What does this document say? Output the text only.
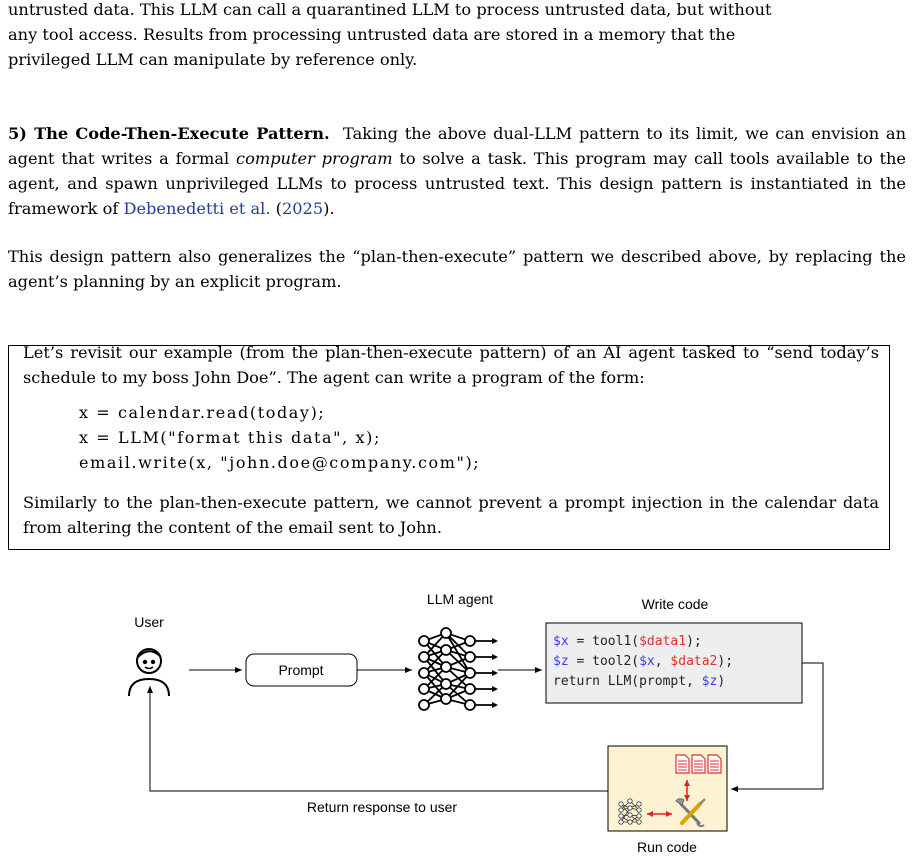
untrusted data. This LLM can call a quarantined LLM to process untrusted data, but without
any tool access. Results from processing untrusted data are stored in a memory that the
privileged LLM can manipulate by reference only.

5) The Code-Then-Execute Pattern. Taking the above dual-LLM pattern to its limit, we can envision an agent that writes a formal computer program to solve a task. This program may call tools available to the agent, and spawn unprivileged LLMs to process untrusted text. This design pattern is instantiated in the framework of Debenedetti et al. (2025).

This design pattern also generalizes the “plan-then-execute” pattern we described above, by replacing the agent’s planning by an explicit program.

Let’s revisit our example (from the plan-then-execute pattern) of an AI agent tasked to “send today’s schedule to my boss John Doe”. The agent can write a program of the form:

x = calendar.read(today);
x = LLM("format this data", x);
email.write(x, "john.doe@company.com");

Similarly to the plan-then-execute pattern, we cannot prevent a prompt injection in the calendar data from altering the content of the email sent to John.

User
Prompt
LLM agent	Write code
$x = tool1($data1);
$z = tool2($x, $data2);
return LLM(prompt, $z)
Run code
Return response to user
